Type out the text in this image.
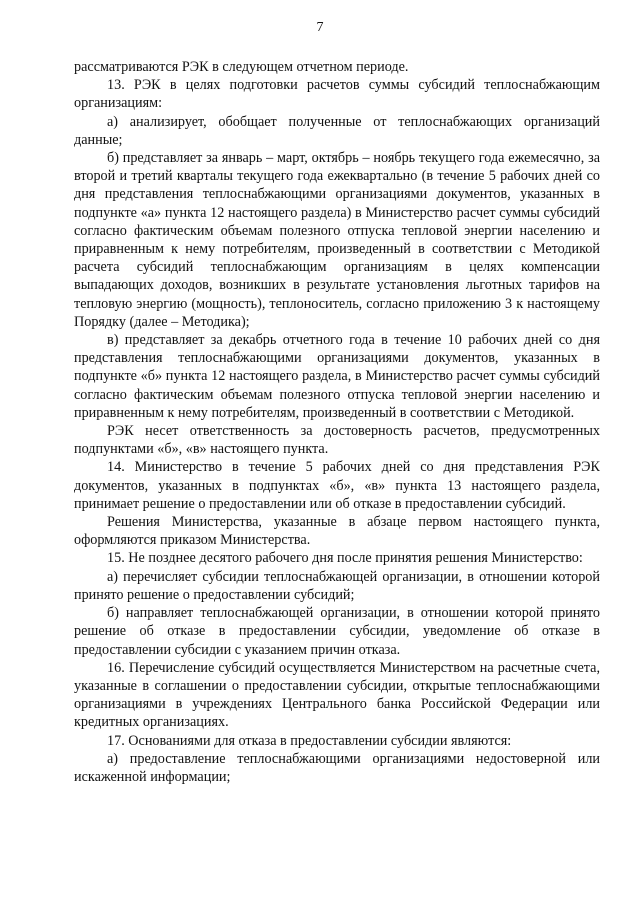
7

рассматриваются РЭК в следующем отчетном периоде.

13. РЭК в целях подготовки расчетов суммы субсидий теплоснабжающим организациям:

а) анализирует, обобщает полученные от теплоснабжающих организаций данные;

б) представляет за январь – март, октябрь – ноябрь текущего года ежемесячно, за второй и третий кварталы текущего года ежеквартально (в течение 5 рабочих дней со дня представления теплоснабжающими организациями документов, указанных в подпункте «а» пункта 12 настоящего раздела) в Министерство расчет суммы субсидий согласно фактическим объемам полезного отпуска тепловой энергии населению и приравненным к нему потребителям, произведенный в соответствии с Методикой расчета субсидий теплоснабжающим организациям в целях компенсации выпадающих доходов, возникших в результате установления льготных тарифов на тепловую энергию (мощность), теплоноситель, согласно приложению 3 к настоящему Порядку (далее – Методика);

в) представляет за декабрь отчетного года в течение 10 рабочих дней со дня представления теплоснабжающими организациями документов, указанных в подпункте «б» пункта 12 настоящего раздела, в Министерство расчет суммы субсидий согласно фактическим объемам полезного отпуска тепловой энергии населению и приравненным к нему потребителям, произведенный в соответствии с Методикой.

РЭК несет ответственность за достоверность расчетов, предусмотренных подпунктами «б», «в» настоящего пункта.

14. Министерство в течение 5 рабочих дней со дня представления РЭК документов, указанных в подпунктах «б», «в» пункта 13 настоящего раздела, принимает решение о предоставлении или об отказе в предоставлении субсидий.

Решения Министерства, указанные в абзаце первом настоящего пункта, оформляются приказом Министерства.

15. Не позднее десятого рабочего дня после принятия решения Министерство:

а) перечисляет субсидии теплоснабжающей организации, в отношении которой принято решение о предоставлении субсидий;

б) направляет теплоснабжающей организации, в отношении которой принято решение об отказе в предоставлении субсидии, уведомление об отказе в предоставлении субсидии с указанием причин отказа.

16. Перечисление субсидий осуществляется Министерством на расчетные счета, указанные в соглашении о предоставлении субсидии, открытые теплоснабжающими организациями в учреждениях Центрального банка Российской Федерации или кредитных организациях.

17. Основаниями для отказа в предоставлении субсидии являются:

а) предоставление теплоснабжающими организациями недостоверной или искаженной информации;
